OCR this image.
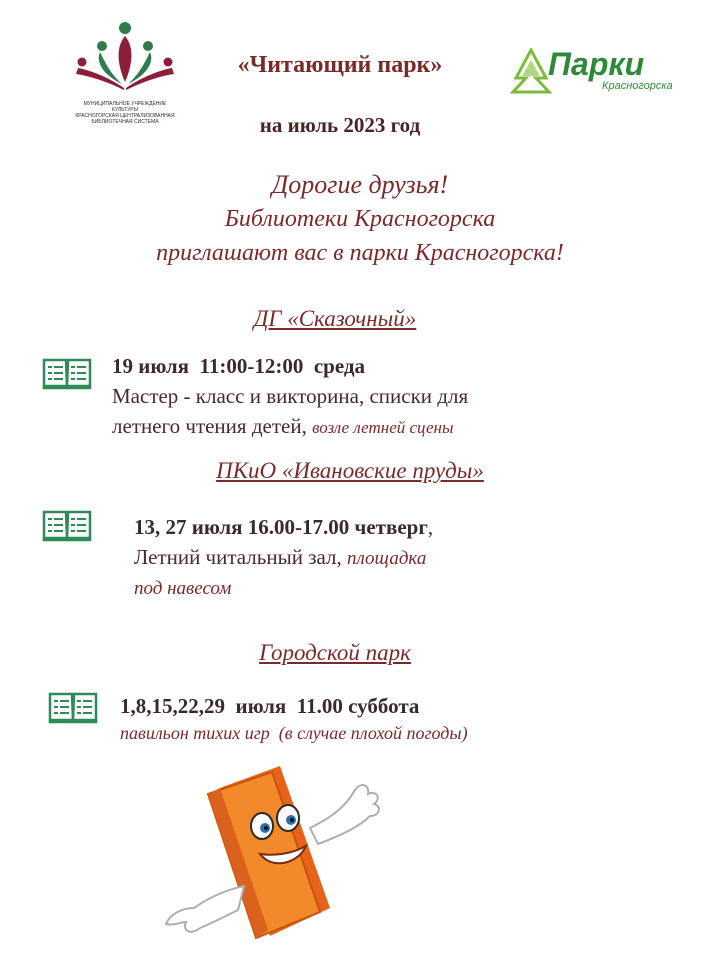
МУНИЦИПАЛЬНОЕ УЧРЕЖДЕНИЕ КУЛЬТУРЫ
КРАСНОГОРСКАЯ ЦЕНТРАЛИЗОВАННАЯ
БИБЛИОТЕЧНАЯ СИСТЕМА
«Читающий парк»
на июль 2023 год
Парки
Красногорска
Дорогие друзья!
Библиотеки Красногорска
приглашают вас в парки Красногорска!
ДГ «Сказочный»
19 июля  11:00-12:00  среда
Мастер - класс и викторина, списки для
летнего чтения детей, возле летней сцены
ПКиО «Ивановские пруды»
13, 27 июля 16.00-17.00 четверг,
Летний читальный зал, площадка
под навесом
Городской парк
1,8,15,22,29  июля  11.00 суббота
павильон тихих игр  (в случае плохой погоды)
